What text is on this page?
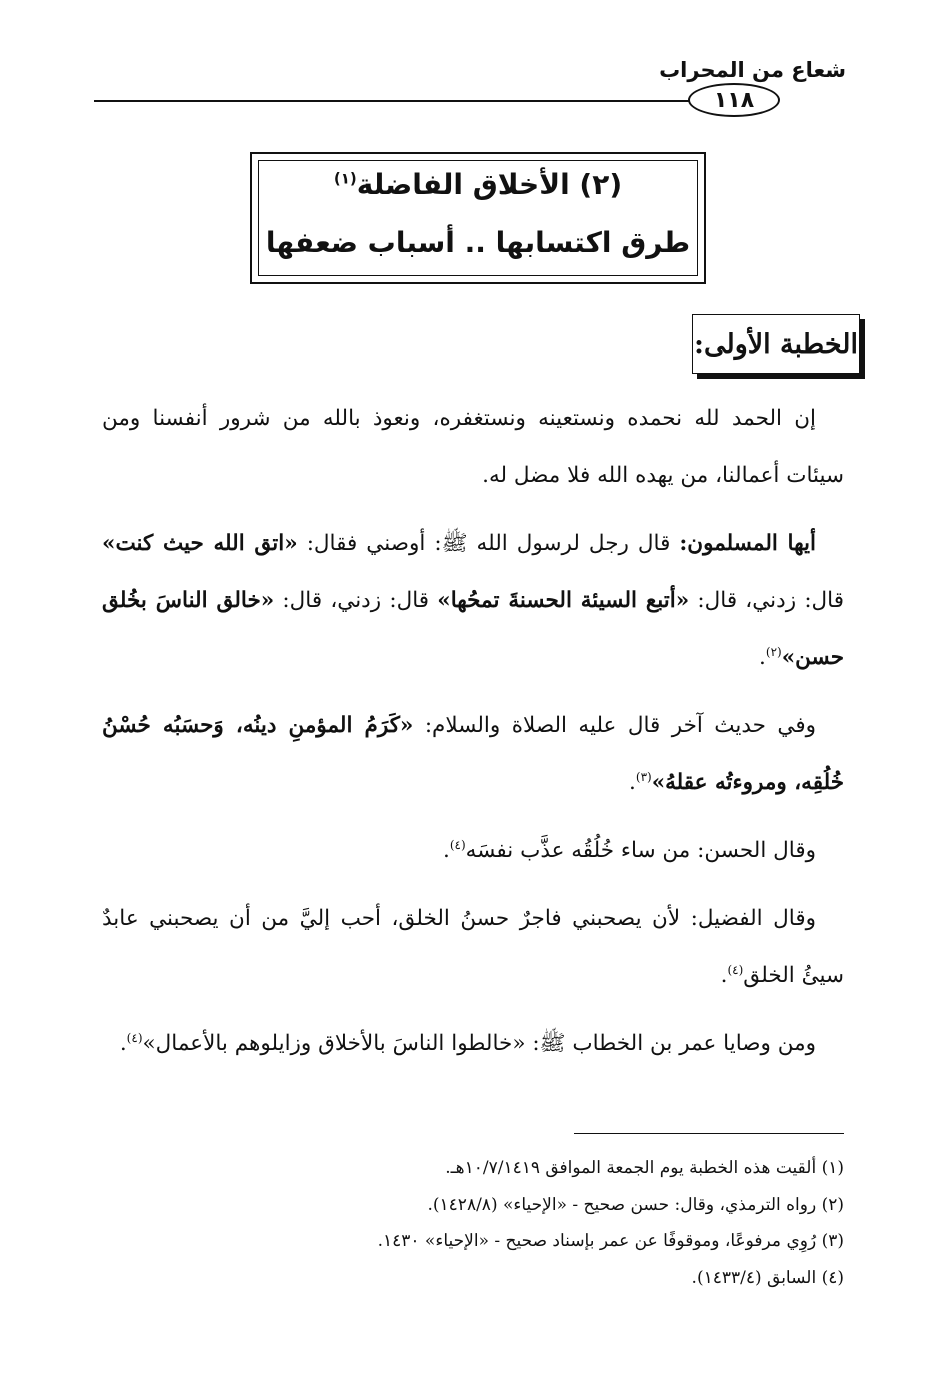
شعاع من المحراب
١١٨
(٢) الأخلاق الفاضلة$^{(١)}$
طرق اكتسابها .. أسباب ضعفها
الخطبة الأولى:

إن الحمد لله نحمده ونستعينه ونستغفره، ونعوذ بالله من شرور أنفسنا ومن سيئات أعمالنا، من يهده الله فلا مضل له.

أيها المسلمون: قال رجل لرسول الله ﷺ: أوصني فقال: «اتق الله حيث كنت» قال: زدني، قال: «أتبع السيئة الحسنةَ تمحُها» قال: زدني، قال: «خالق الناسَ بخُلق حسن»$^{(٢)}$.

وفي حديث آخر قال عليه الصلاة والسلام: «كَرَمُ المؤمنِ دينُه، وَحسَبُه حُسْنُ خُلُقِه، ومروءتُه عقلهُ»$^{(٣)}$.

وقال الحسن: من ساء خُلُقُه عذَّب نفسَه$^{(٤)}$.

وقال الفضيل: لأن يصحبني فاجرٌ حسنُ الخلق، أحب إليَّ من أن يصحبني عابدٌ سيئُ الخلق$^{(٤)}$.

ومن وصايا عمر بن الخطاب ﷺ: «خالطوا الناسَ بالأخلاق وزايلوهم بالأعمال»$^{(٤)}$.

(١) ألقيت هذه الخطبة يوم الجمعة الموافق ١٠/٧/١٤١٩هـ.
(٢) رواه الترمذي، وقال: حسن صحيح - «الإحياء» (١٤٢٨/٨).
(٣) رُوِي مرفوعًا، وموقوفًا عن عمر بإسناد صحيح - «الإحياء» ١٤٣٠.
(٤) السابق (١٤٣٣/٤).
